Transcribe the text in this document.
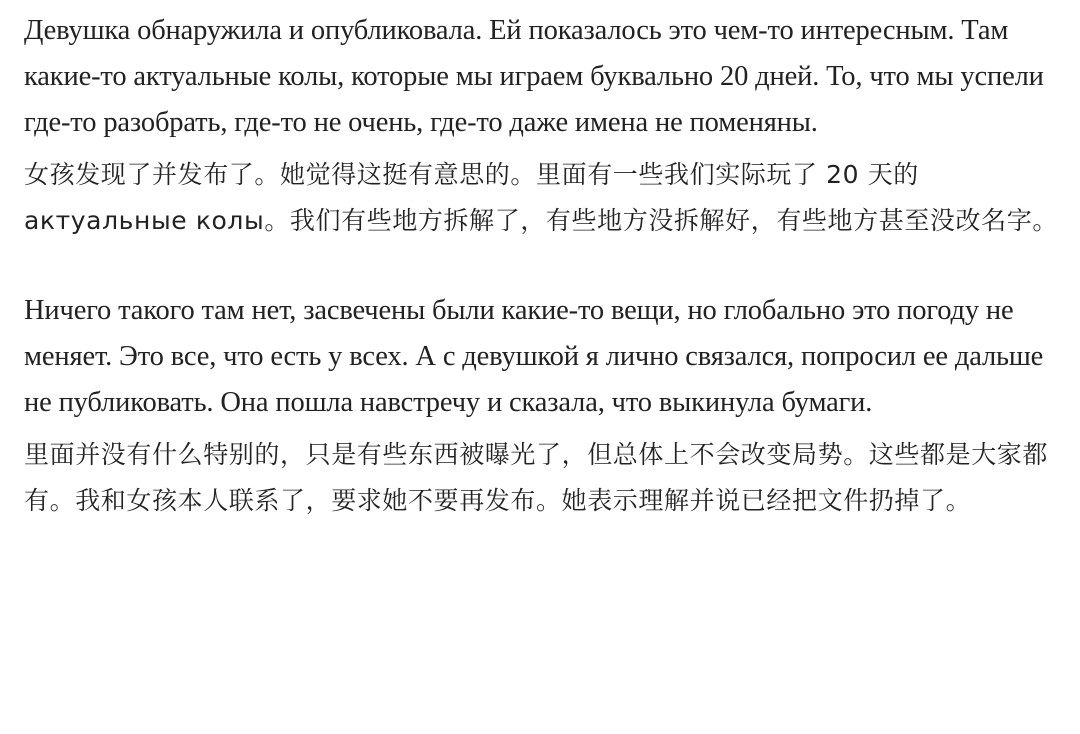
Девушка обнаружила и опубликовала. Ей показалось это чем-то интересным. Там какие-то актуальные колы, которые мы играем буквально 20 дней. То, что мы успели где-то разобрать, где-то не очень, где-то даже имена не поменяны.

女孩发现了并发布了。她觉得这挺有意思的。里面有一些我们实际玩了 20 天的 актуальные колы。我们有些地方拆解了，有些地方没拆解好，有些地方甚至没改名字。

Ничего такого там нет, засвечены были какие-то вещи, но глобально это погоду не меняет. Это все, что есть у всех. А с девушкой я лично связался, попросил ее дальше не публиковать. Она пошла навстречу и сказала, что выкинула бумаги.

里面并没有什么特别的，只是有些东西被曝光了，但总体上不会改变局势。这些都是大家都有。我和女孩本人联系了，要求她不要再发布。她表示理解并说已经把文件扔掉了。
